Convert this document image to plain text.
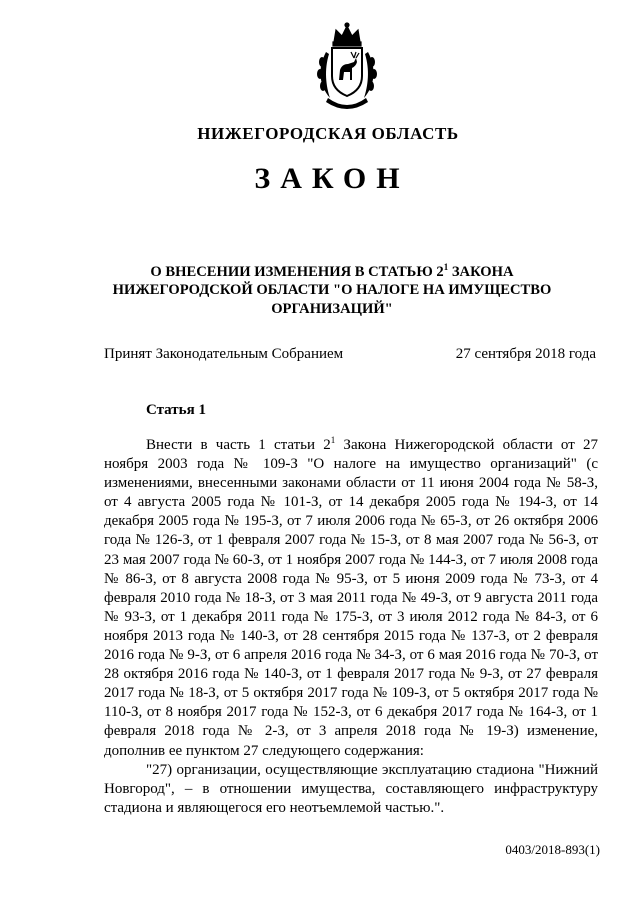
НИЖЕГОРОДСКАЯ ОБЛАСТЬ
ЗАКОН
О ВНЕСЕНИИ ИЗМЕНЕНИЯ В СТАТЬЮ $2^1$ ЗАКОНА
НИЖЕГОРОДСКОЙ ОБЛАСТИ "О НАЛОГЕ НА ИМУЩЕСТВО
ОРГАНИЗАЦИЙ"
Принят Законодательным Собранием	27 сентября 2018 года
Статья 1

Внести в часть 1 статьи $2^1$ Закона Нижегородской области от 27 ноября 2003 года № 109-З "О налоге на имущество организаций" (с изменениями, внесенными законами области от 11 июня 2004 года № 58-З, от 4 августа 2005 года № 101-З, от 14 декабря 2005 года № 194-З, от 14 декабря 2005 года № 195-З, от 7 июля 2006 года № 65-З, от 26 октября 2006 года № 126-З, от 1 февраля 2007 года № 15-З, от 8 мая 2007 года № 56-З, от 23 мая 2007 года № 60-З, от 1 ноября 2007 года № 144-З, от 7 июля 2008 года № 86-З, от 8 августа 2008 года № 95-З, от 5 июня 2009 года № 73-З, от 4 февраля 2010 года № 18-З, от 3 мая 2011 года № 49-З, от 9 августа 2011 года № 93-З, от 1 декабря 2011 года № 175-З, от 3 июля 2012 года № 84-З, от 6 ноября 2013 года № 140-З, от 28 сентября 2015 года № 137-З, от 2 февраля 2016 года № 9-З, от 6 апреля 2016 года № 34-З, от 6 мая 2016 года № 70-З, от 28 октября 2016 года № 140-З, от 1 февраля 2017 года № 9-З, от 27 февраля 2017 года № 18-З, от 5 октября 2017 года № 109-З, от 5 октября 2017 года № 110-З, от 8 ноября 2017 года № 152-З, от 6 декабря 2017 года № 164-З, от 1 февраля 2018 года № 2-З, от 3 апреля 2018 года № 19-З) изменение, дополнив ее пунктом 27 следующего содержания:

"27) организации, осуществляющие эксплуатацию стадиона "Нижний Новгород", – в отношении имущества, составляющего инфраструктуру стадиона и являющегося его неотъемлемой частью.".

0403/2018-893(1)
